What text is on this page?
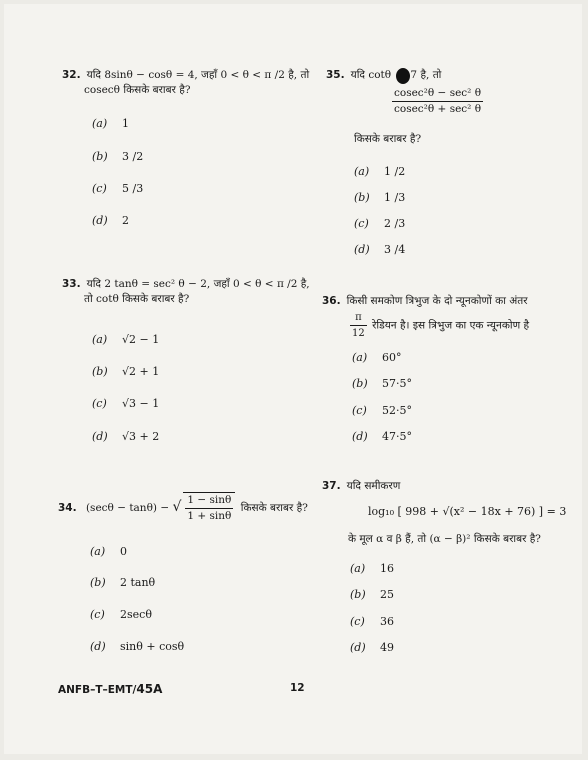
32. यदि 8sinθ − cosθ = 4, जहाँ 0 < θ < π /2 है, तो
cosecθ किसके बराबर है?
(a) 1
(b) 3 /2
(c) 5 /3
(d) 2
33. यदि 2 tanθ = sec² θ − 2, जहाँ 0 < θ < π /2 है,
तो cotθ किसके बराबर है?
(a) √2 − 1
(b) √2 + 1
(c) √3 − 1
(d) √3 + 2
34. (secθ − tanθ) − √ $\frac{1 - \sin\theta}{1 + \sin\theta}$ किसके बराबर है?
(a) 0
(b) 2 tanθ
(c) 2secθ
(d) sinθ + cosθ
35. यदि cotθ 7 है, तो
$\frac{\text{cosec²θ − sec² θ}}{\text{cosec²θ + sec² θ}}$
किसके बराबर है?
(a) 1 /2
(b) 1 /3
(c) 2 /3
(d) 3 /4
36. किसी समकोण त्रिभुज के दो न्यूनकोणों का अंतर
$\frac{\pi}{12}$ रेडियन है। इस त्रिभुज का एक न्यूनकोण है
(a) 60°
(b) 57·5°
(c) 52·5°
(d) 47·5°
37. यदि समीकरण
log₁₀ [ 998 + √(x² − 18x + 76) ] = 3
के मूल α व β हैं, तो (α − β)² किसके बराबर है?
(a) 16
(b) 25
(c) 36
(d) 49
ANFB–T–EMT/45A	12
